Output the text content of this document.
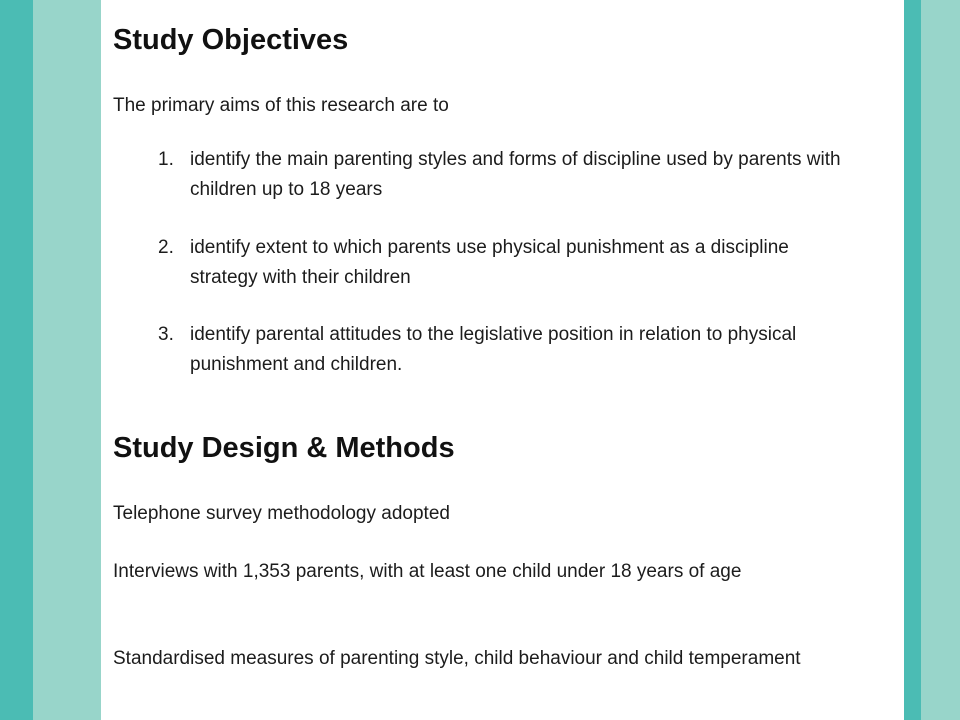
Study Objectives

The primary aims of this research are to

1. identify the main parenting styles and forms of discipline used by parents with children up to 18 years
2. identify extent to which parents use physical punishment as a discipline strategy with their children
3. identify parental attitudes to the legislative position in relation to physical punishment and children.
Study Design & Methods

Telephone survey methodology adopted

Interviews with 1,353 parents, with at least one child under 18 years of age

Standardised measures of parenting style, child behaviour and child temperament
